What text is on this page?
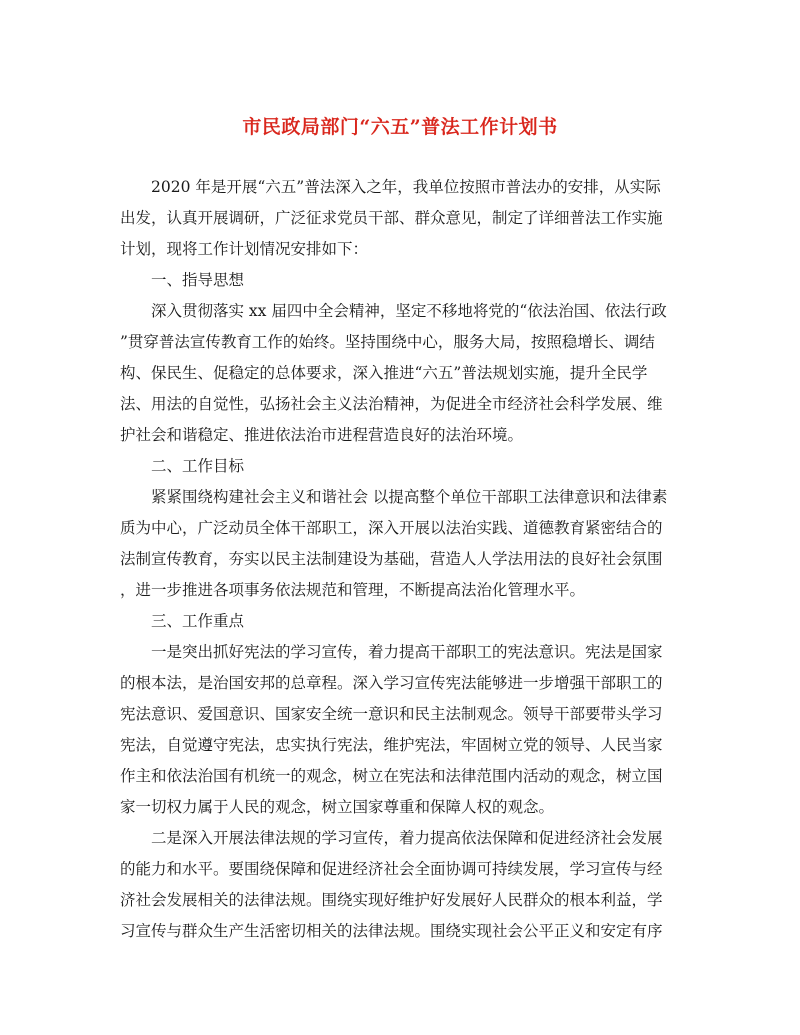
市民政局部门“六五”普法工作计划书
2020 年是开展“六五”普法深入之年，我单位按照市普法办的安排，从实际
出发，认真开展调研，广泛征求党员干部、群众意见，制定了详细普法工作实施
计划，现将工作计划情况安排如下：
一、指导思想
深入贯彻落实 xx 届四中全会精神，坚定不移地将党的“依法治国、依法行政
”贯穿普法宣传教育工作的始终。坚持围绕中心，服务大局，按照稳增长、调结
构、保民生、促稳定的总体要求，深入推进“六五”普法规划实施，提升全民学
法、用法的自觉性，弘扬社会主义法治精神，为促进全市经济社会科学发展、维
护社会和谐稳定、推进依法治市进程营造良好的法治环境。
二、工作目标
紧紧围绕构建社会主义和谐社会 以提高整个单位干部职工法律意识和法律素
质为中心，广泛动员全体干部职工，深入开展以法治实践、道德教育紧密结合的
法制宣传教育，夯实以民主法制建设为基础，营造人人学法用法的良好社会氛围
，进一步推进各项事务依法规范和管理，不断提高法治化管理水平。
三、工作重点
一是突出抓好宪法的学习宣传，着力提高干部职工的宪法意识。宪法是国家
的根本法，是治国安邦的总章程。深入学习宣传宪法能够进一步增强干部职工的
宪法意识、爱国意识、国家安全统一意识和民主法制观念。领导干部要带头学习
宪法，自觉遵守宪法，忠实执行宪法，维护宪法，牢固树立党的领导、人民当家
作主和依法治国有机统一的观念，树立在宪法和法律范围内活动的观念，树立国
家一切权力属于人民的观念，树立国家尊重和保障人权的观念。
二是深入开展法律法规的学习宣传，着力提高依法保障和促进经济社会发展
的能力和水平。要围绕保障和促进经济社会全面协调可持续发展，学习宣传与经
济社会发展相关的法律法规。围绕实现好维护好发展好人民群众的根本利益，学
习宣传与群众生产生活密切相关的法律法规。围绕实现社会公平正义和安定有序
